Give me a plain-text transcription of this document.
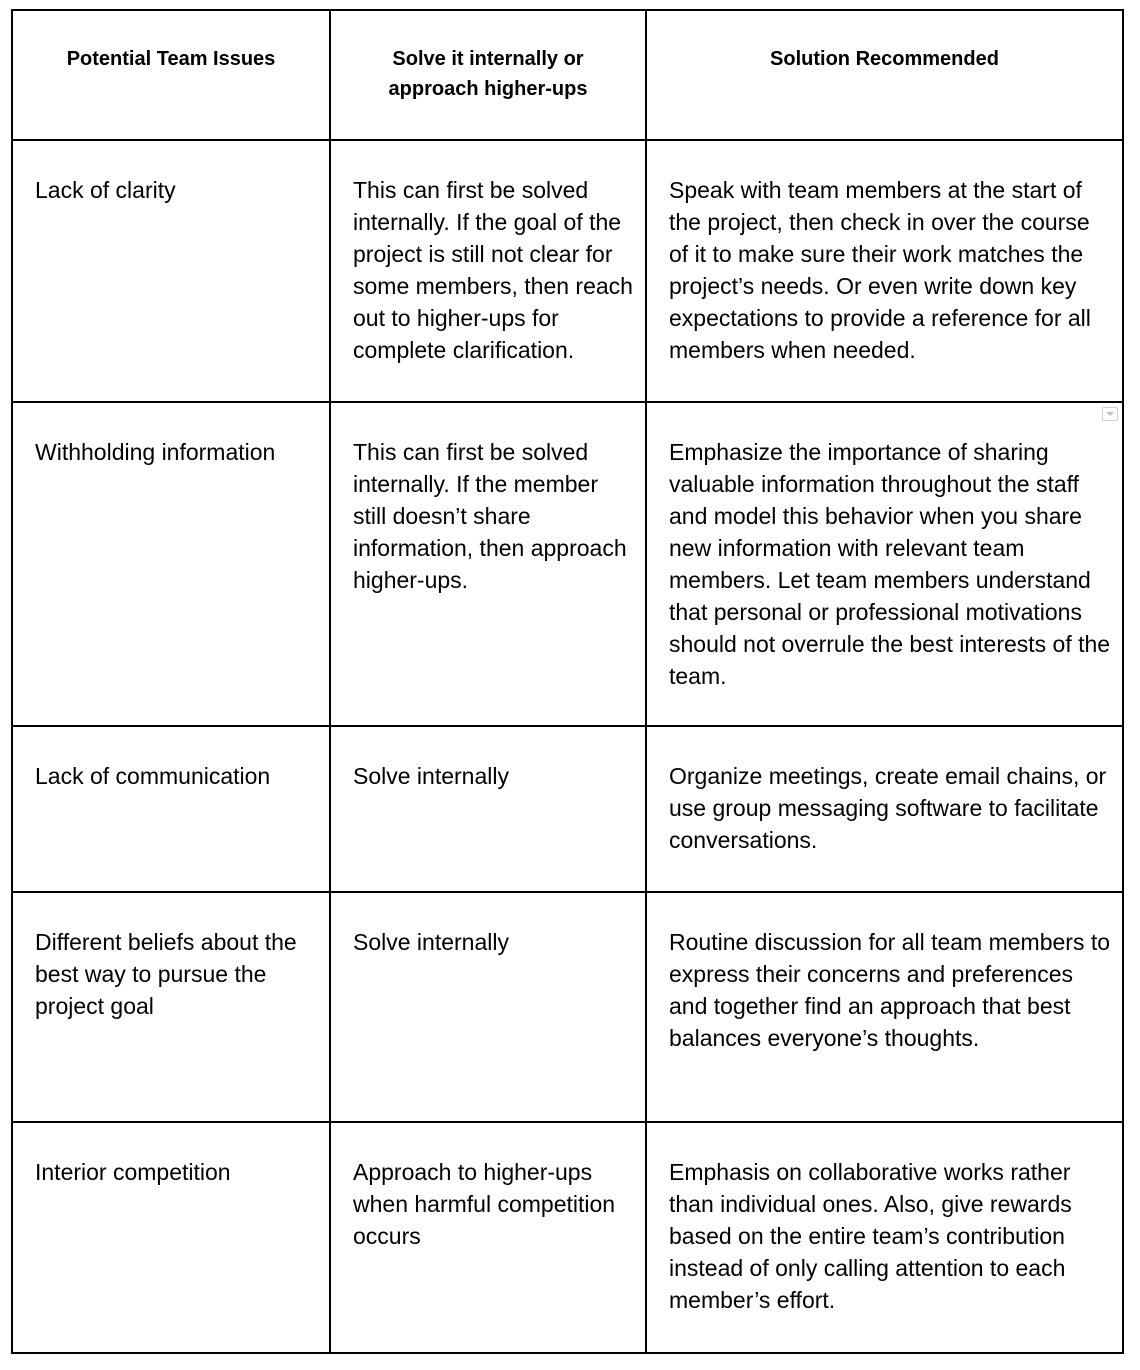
Potential Team Issues	Solve it internally or approach higher-ups	Solution Recommended
Lack of clarity	This can first be solved internally. If the goal of the project is still not clear for some members, then reach out to higher-ups for complete clarification.	Speak with team members at the start of the project, then check in over the course of it to make sure their work matches the project’s needs. Or even write down key expectations to provide a reference for all members when needed.
Withholding information	This can first be solved internally. If the member still doesn’t share information, then approach higher-ups.	Emphasize the importance of sharing valuable information throughout the staff and model this behavior when you share new information with relevant team members. Let team members understand that personal or professional motivations should not overrule the best interests of the team.
Lack of communication	Solve internally	Organize meetings, create email chains, or use group messaging software to facilitate conversations.
Different beliefs about the best way to pursue the project goal	Solve internally	Routine discussion for all team members to express their concerns and preferences and together find an approach that best balances everyone’s thoughts.
Interior competition	Approach to higher-ups when harmful competition occurs	Emphasis on collaborative works rather than individual ones. Also, give rewards based on the entire team’s contribution instead of only calling attention to each member’s effort.
